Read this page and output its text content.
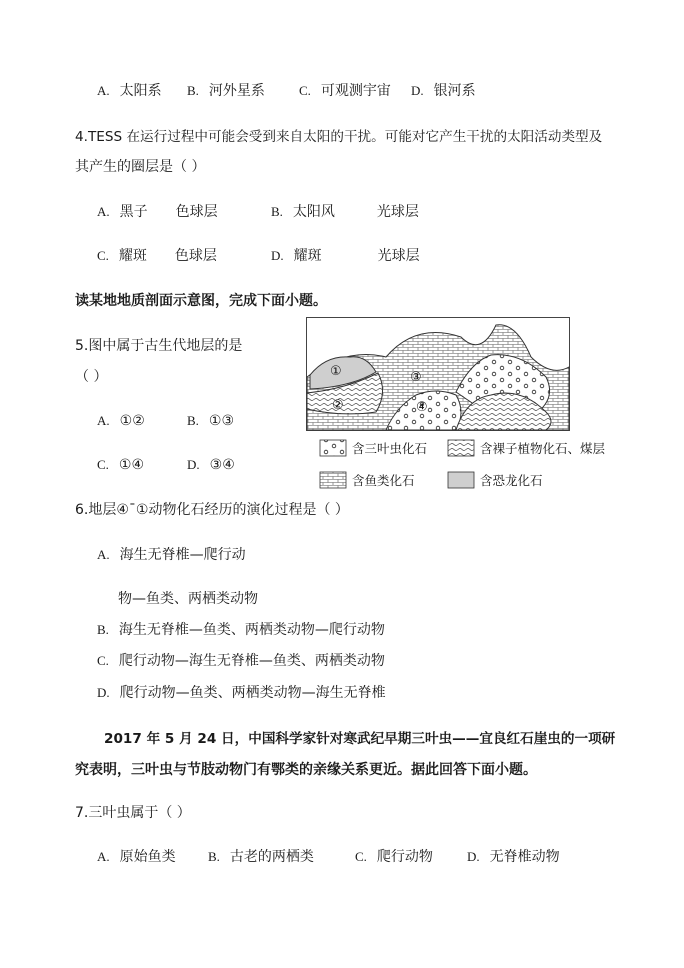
A. 太阳系 B. 河外星系	C. 可观测宇宙 D. 银河系
4.TESS 在运行过程中可能会受到来自太阳的干扰。可能对它产生干扰的太阳活动类型及
其产生的圈层是（ ）
A. 黑子 色球层	B. 太阳风	光球层
C. 耀斑 色球层	D. 耀斑	光球层
读某地地质剖面示意图，完成下面小题。
5.图中属于古生代地层的是
（ ）
A. ①②	B. ①③
C. ①④	D. ③④
①
②
③
④
含三叶虫化石	含裸子植物化石、煤层
含鱼类化石	含恐龙化石
6.地层④¯①动物化石经历的演化过程是（ ）
A. 海生无脊椎—爬行动
物—鱼类、两栖类动物
B. 海生无脊椎—鱼类、两栖类动物—爬行动物
C. 爬行动物—海生无脊椎—鱼类、两栖类动物
D. 爬行动物—鱼类、两栖类动物—海生无脊椎
2017 年 5 月 24 日，中国科学家针对寒武纪早期三叶虫——宜良红石崖虫的一项研
究表明，三叶虫与节肢动物门有鄂类的亲缘关系更近。据此回答下面小题。
7.三叶虫属于（ ）
A. 原始鱼类 B. 古老的两栖类	C. 爬行动物	D. 无脊椎动物
